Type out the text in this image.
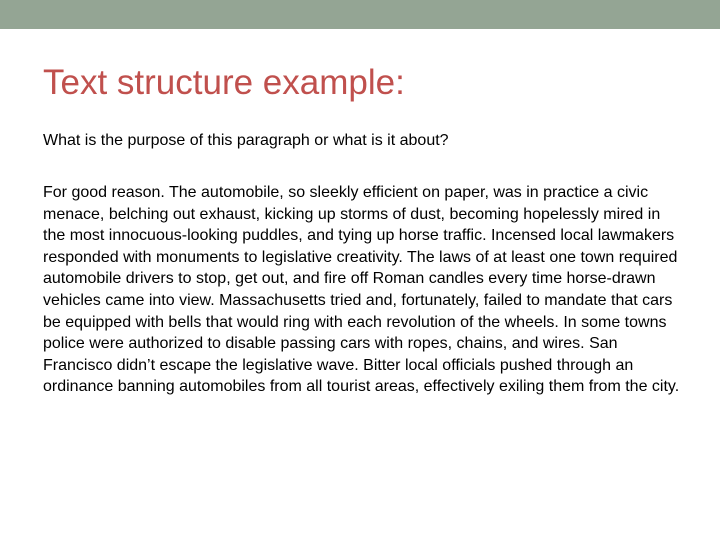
Text structure example:

What is the purpose of this paragraph or what is it about?

For good reason. The automobile, so sleekly efficient on paper, was in practice a civic menace, belching out exhaust, kicking up storms of dust, becoming hopelessly mired in the most innocuous-looking puddles, and tying up horse traffic. Incensed local lawmakers responded with monuments to legislative creativity. The laws of at least one town required automobile drivers to stop, get out, and fire off Roman candles every time horse-drawn vehicles came into view. Massachusetts tried and, fortunately, failed to mandate that cars be equipped with bells that would ring with each revolution of the wheels. In some towns police were authorized to disable passing cars with ropes, chains, and wires. San Francisco didn’t escape the legislative wave. Bitter local officials pushed through an ordinance banning automobiles from all tourist areas, effectively exiling them from the city.
